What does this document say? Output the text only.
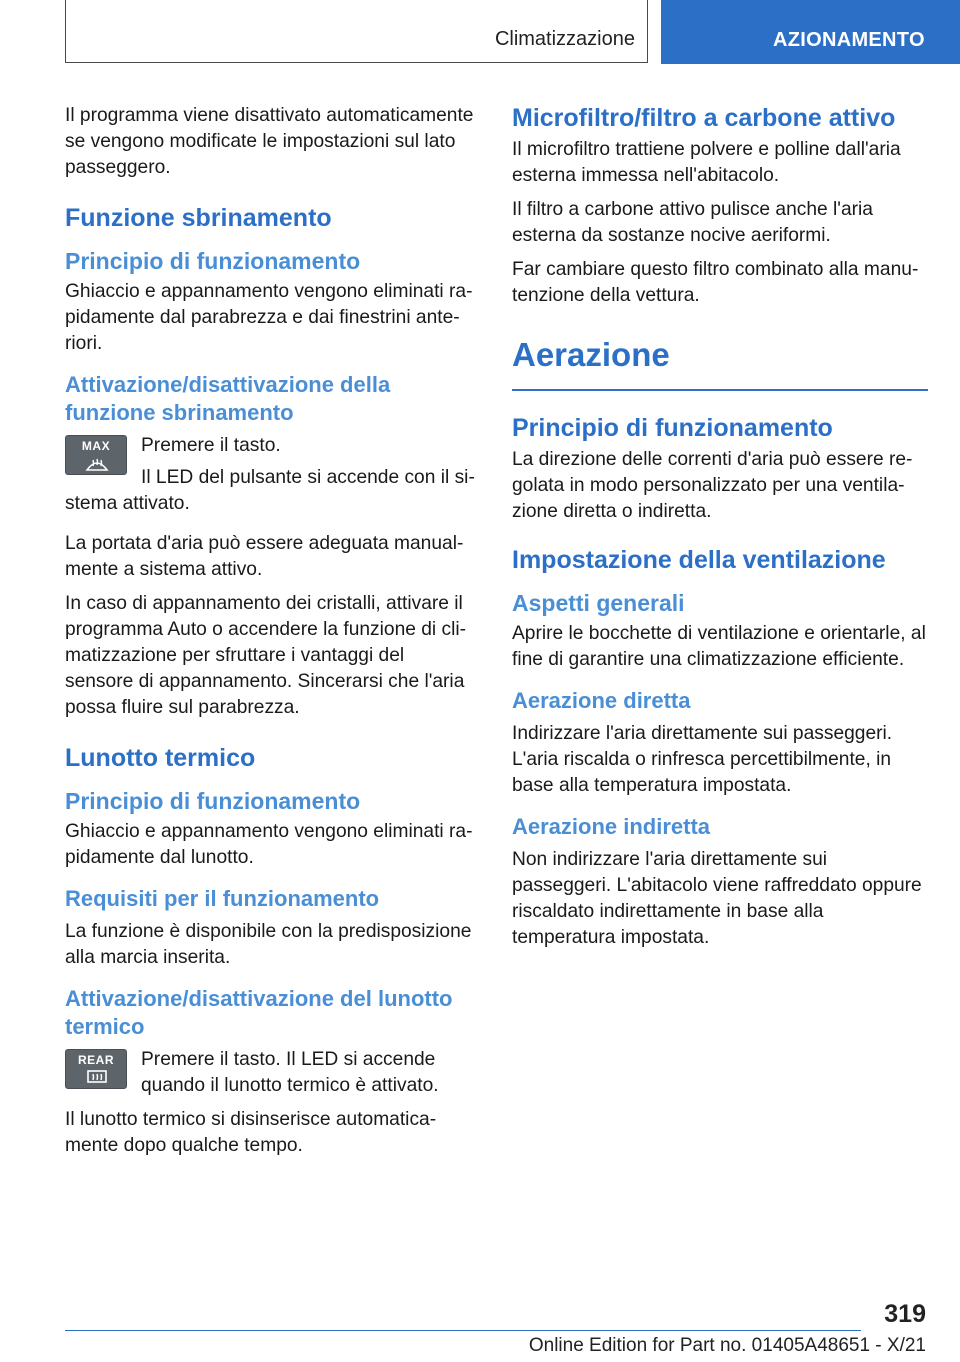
Climatizzazione	AZIONAMENTO

Il programma viene disattivato automaticamente se vengono modificate le impostazioni sul lato passeggero.

Funzione sbrinamento
Principio di funzionamento

Ghiaccio e appannamento vengono eliminati rapidamente dal parabrezza e dai finestrini anteriori.

Attivazione/disattivazione della funzione sbrinamento
MAX	Premere il tasto.

Il LED del pulsante si accende con il sistema attivato.

La portata d'aria può essere adeguata manualmente a sistema attivo.

In caso di appannamento dei cristalli, attivare il programma Auto o accendere la funzione di climatizzazione per sfruttare i vantaggi del sensore di appannamento. Sincerarsi che l'aria possa fluire sul parabrezza.

Lunotto termico
Principio di funzionamento

Ghiaccio e appannamento vengono eliminati rapidamente dal lunotto.

Requisiti per il funzionamento

La funzione è disponibile con la predisposizione alla marcia inserita.

Attivazione/disattivazione del lunotto termico
REAR	Premere il tasto. Il LED si accende quando il lunotto termico è attivato.

Il lunotto termico si disinserisce automaticamente dopo qualche tempo.

Microfiltro/filtro a carbone attivo

Il microfiltro trattiene polvere e polline dall'aria esterna immessa nell'abitacolo.

Il filtro a carbone attivo pulisce anche l'aria esterna da sostanze nocive aeriformi.

Far cambiare questo filtro combinato alla manutenzione della vettura.

Aerazione
Principio di funzionamento

La direzione delle correnti d'aria può essere regolata in modo personalizzato per una ventilazione diretta o indiretta.

Impostazione della ventilazione
Aspetti generali

Aprire le bocchette di ventilazione e orientarle, al fine di garantire una climatizzazione efficiente.

Aerazione diretta

Indirizzare l'aria direttamente sui passeggeri. L'aria riscalda o rinfresca percettibilmente, in base alla temperatura impostata.

Aerazione indiretta

Non indirizzare l'aria direttamente sui passeggeri. L'abitacolo viene raffreddato oppure riscaldato indirettamente in base alla temperatura impostata.

319
Online Edition for Part no. 01405A48651 - X/21
